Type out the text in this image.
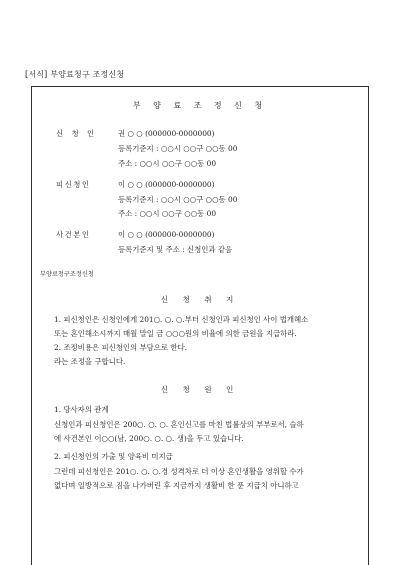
[서식] 부양료청구 조정신청
부 양 료 조 정 신 청
신 청 인	권 ○ ○ (000000-0000000)
등록기준지 : ○○시 ○○구 ○○동 00
주소 : ○○시 ○○구 ○○동 00
피신청인	이 ○ ○ (000000-0000000)
등록기준지 : ○○시 ○○구 ○○동 00
주소 : ○○시 ○○구 ○○동 00
사건본인	이 ○ ○ (000000-0000000)
등록기준지 및 주소 : 신청인과 같음
부양료청구조정신청
신 청 취 지
1. 피신청인은 신청인에게 201○. ○. ○.부터 신청인과 피신청인 사이 법개혜소
또는 혼인해소시까지 매월 말일 금 ○○○원의 비율에 의한 금원을 지급하라.
2. 조정비용은 피신청인의 부담으로 한다.
라는 조정을 구합니다.
신 청 원 인
1. 당사자의 관계
신청인과 피신청인은 200○. ○. ○. 혼인신고를 마친 법률상의 부부로서, 슬하
에 사건본인 이○○(남, 200○. ○. ○. 생)을 두고 있습니다.
2. 피신청인의 가출 및 양육비 미지급
그런데 피신청인은 201○. ○. ○.경 성격차로 더 이상 혼인생활을 영위할 수가
없다며 일방적으로 짐을 나가버린 후 지금까지 생활비 한 푼 지급치 아니하고
